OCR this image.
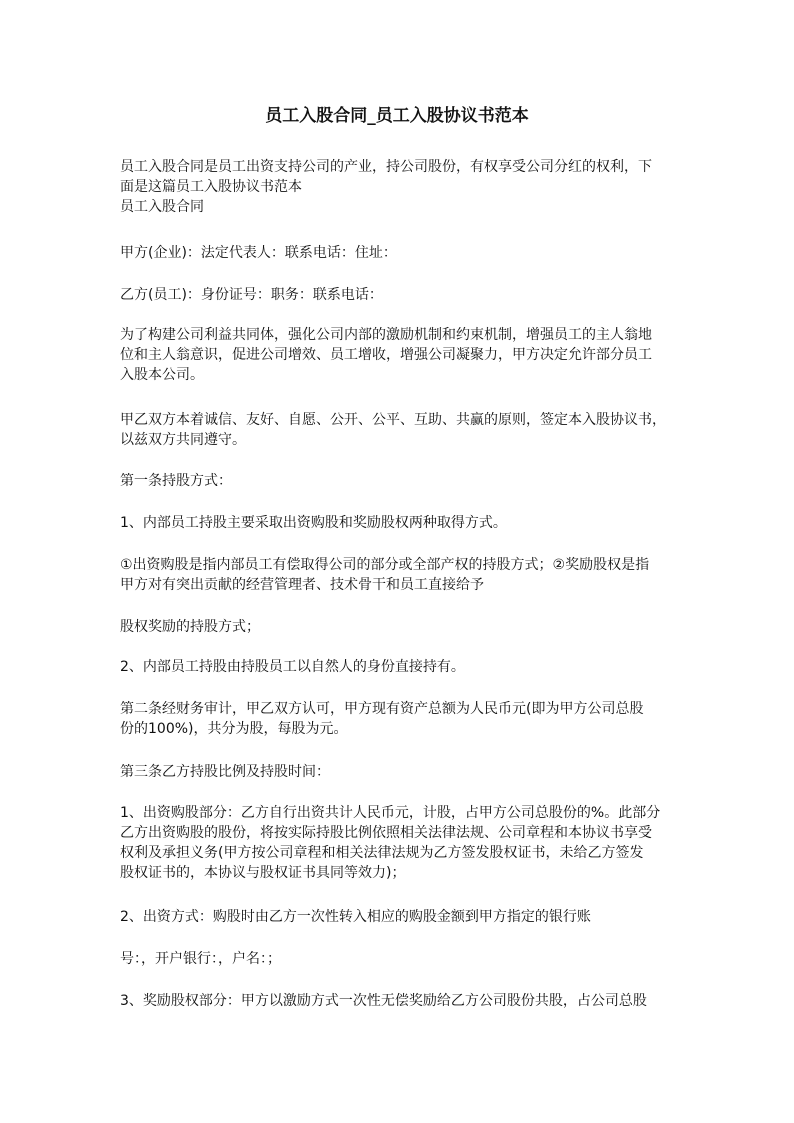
员工入股合同_员工入股协议书范本
员工入股合同是员工出资支持公司的产业，持公司股份，有权享受公司分红的权利，下
面是这篇员工入股协议书范本
员工入股合同
甲方(企业)：法定代表人：联系电话：住址：
乙方(员工)：身份证号：职务：联系电话：
为了构建公司利益共同体，强化公司内部的激励机制和约束机制，增强员工的主人翁地
位和主人翁意识，促进公司增效、员工增收，增强公司凝聚力，甲方决定允许部分员工
入股本公司。
甲乙双方本着诚信、友好、自愿、公开、公平、互助、共赢的原则，签定本入股协议书，
以兹双方共同遵守。
第一条持股方式：
1、内部员工持股主要采取出资购股和奖励股权两种取得方式。
①出资购股是指内部员工有偿取得公司的部分或全部产权的持股方式；②奖励股权是指
甲方对有突出贡献的经营管理者、技术骨干和员工直接给予
股权奖励的持股方式；
2、内部员工持股由持股员工以自然人的身份直接持有。
第二条经财务审计，甲乙双方认可，甲方现有资产总额为人民币元(即为甲方公司总股
份的100%)，共分为股，每股为元。
第三条乙方持股比例及持股时间：
1、出资购股部分：乙方自行出资共计人民币元，计股，占甲方公司总股份的%。此部分
乙方出资购股的股份，将按实际持股比例依照相关法律法规、公司章程和本协议书享受
权利及承担义务(甲方按公司章程和相关法律法规为乙方签发股权证书，未给乙方签发
股权证书的，本协议与股权证书具同等效力)；
2、出资方式：购股时由乙方一次性转入相应的购股金额到甲方指定的银行账
号：，开户银行：，户名：；
3、奖励股权部分：甲方以激励方式一次性无偿奖励给乙方公司股份共股，占公司总股
